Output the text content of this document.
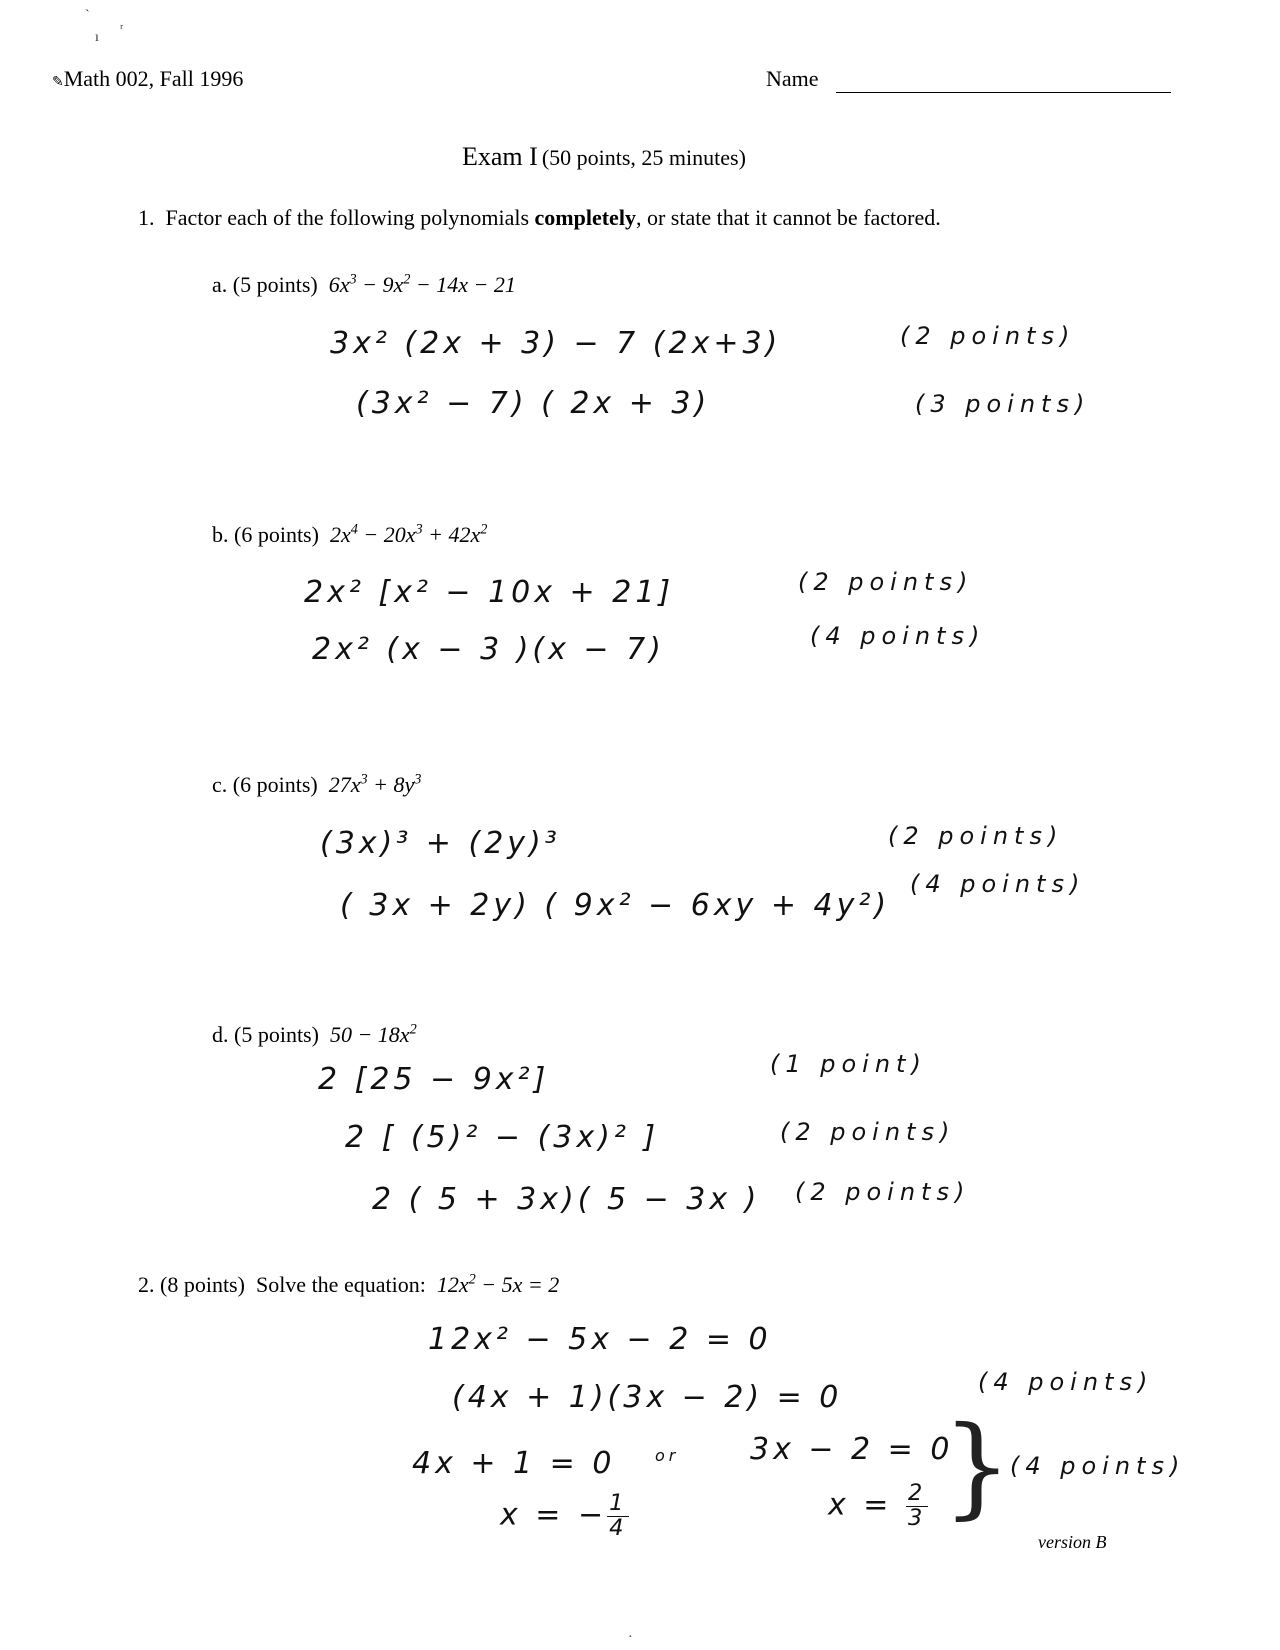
ˋ
ı
ʳ
✎Math 002, Fall 1996	Name
Exam I (50 points, 25 minutes)
1. Factor each of the following polynomials completely, or state that it cannot be factored.
a. (5 points) $6x^3 - 9x^2 - 14x - 21$
3x² (2x + 3) − 7 (2x+3)
(3x² − 7) ( 2x + 3)
(2 points)
(3 points)
b. (6 points) $2x^4 - 20x^3 + 42x^2$
2x² [x² − 10x + 21]
2x² (x − 3 )(x − 7)
(2 points)
(4 points)
c. (6 points) $27x^3 + 8y^3$
(3x)³ + (2y)³
( 3x + 2y) ( 9x² − 6xy + 4y²)
(2 points)
(4 points)
d. (5 points) $50 - 18x^2$
2 [25 − 9x²]
2 [ (5)² − (3x)² ]
2 ( 5 + 3x)( 5 − 3x )
(1 point)
(2 points)
(2 points)
2. (8 points) Solve the equation: $12x^2 - 5x = 2$
12x² − 5x − 2 = 0
(4x + 1)(3x − 2) = 0
4x + 1 = 0
x = − $\frac{1}{4}$
or 3x − 2 = 0
$x = \frac{2}{3}$ }
(4 points)
(4 points)
version B
·
